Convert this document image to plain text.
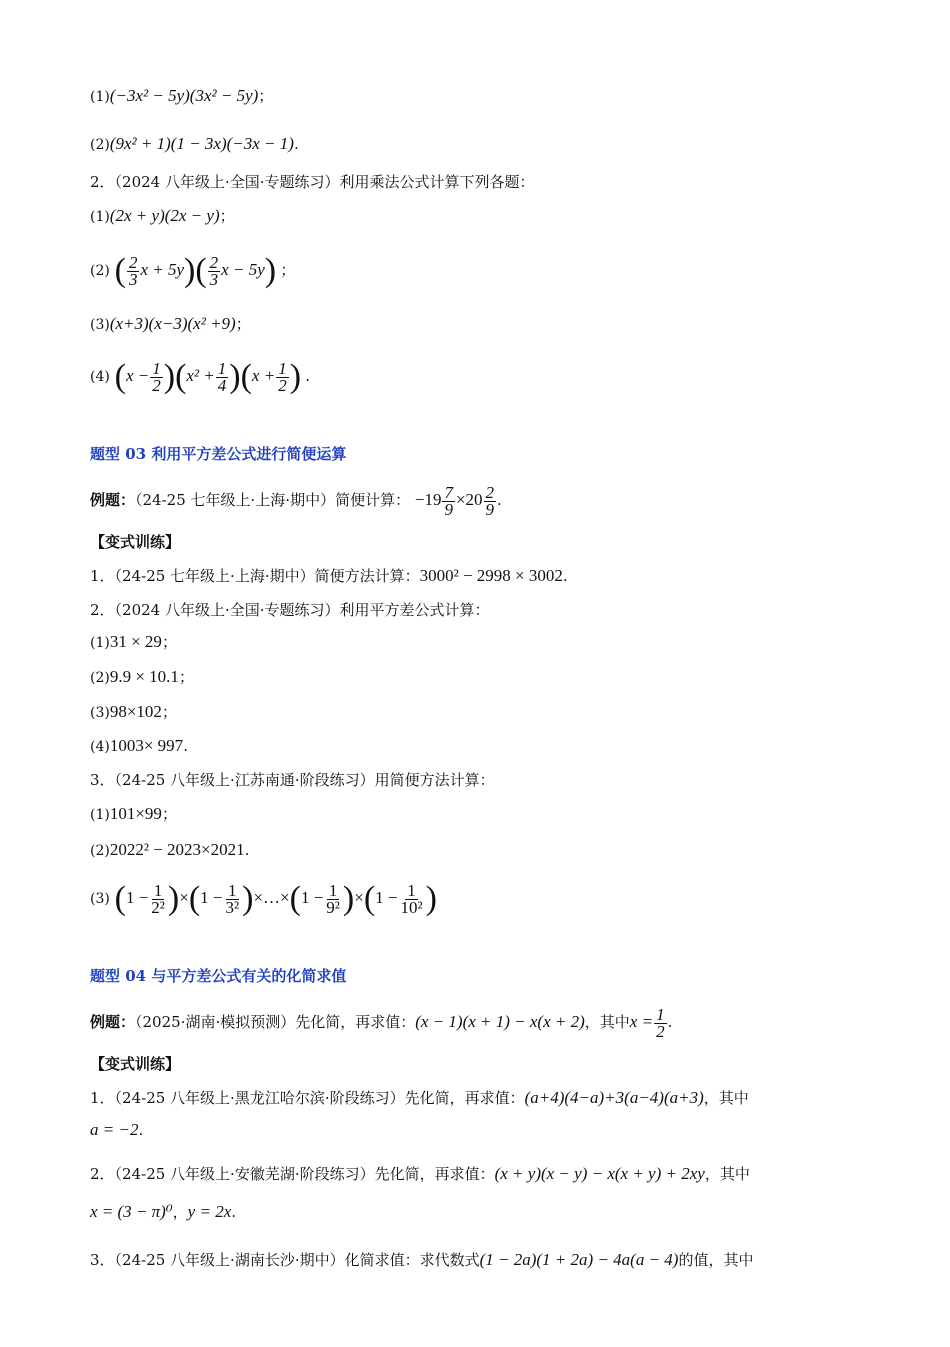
(1)(−3x² − 5y)(3x² − 5y)；
(2)(9x² + 1)(1 − 3x)(−3x − 1).
2．（2024 八年级上·全国·专题练习）利用乘法公式计算下列各题：
(1)(2x + y)(2x − y)；
(2) ( $\frac{2}{3}$ $x + 5y)( \frac{2}{3}$ x − 5y) ；
(3)(x+3)(x−3)(x² +9)；
(4) $(x - \frac{1}{2} )(x^2 + \frac{1}{4} )(x + \frac{1}{2}$ ) .
题型 03 利用平方差公式进行简便运算
例题：（24-25 七年级上·上海·期中）简便计算： $-19 \frac{7}{9} \times 20 \frac{2}{9}$ .
【变式训练】
1．（24-25 七年级上·上海·期中）简便方法计算：3000² − 2998 × 3002.
2．（2024 八年级上·全国·专题练习）利用平方差公式计算：
(1)31 × 29；
(2)9.9 × 10.1；
(3)98×102；
(4)1003× 997.
3．（24-25 八年级上·江苏南通·阶段练习）用简便方法计算：
(1)101×99；
(2)2022² − 2023×2021.
(3) $(1 - \frac{1}{\text{2²}} )\times(1 - \frac{1}{\text{3²}}$ )×…×(1 − $\frac{1}{\text{9²}} )\times(1 - \frac{1}{\text{10²}}$ )
题型 04 与平方差公式有关的化简求值
例题：（2025·湖南·模拟预测）先化简，再求值：(x − 1)(x + 1) − x(x + 2)，其中$x = \frac{1}{2}$ .
【变式训练】
1．（24-25 八年级上·黑龙江哈尔滨·阶段练习）先化简，再求值：(a+4)(4−a)+3(a−4)(a+3)，其中
a = −2.
2．（24-25 八年级上·安徽芜湖·阶段练习）先化简，再求值：(x + y)(x − y) − x(x + y) + 2xy，其中
x = (3 − π)⁰，y = 2x.
3．（24-25 八年级上·湖南长沙·期中）化简求值：求代数式(1 − 2a)(1 + 2a) − 4a(a − 4)的值，其中
